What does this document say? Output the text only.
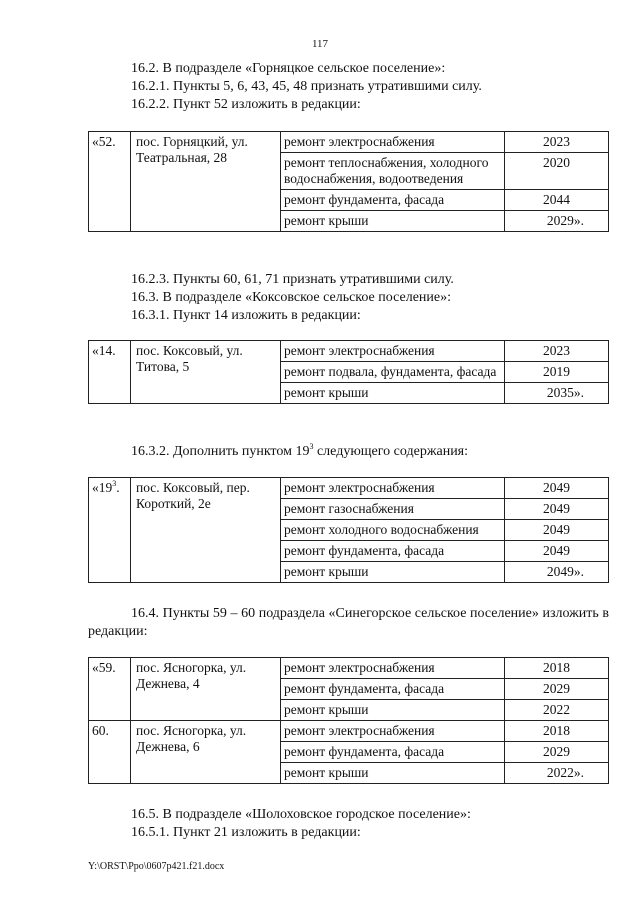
117
16.2. В подразделе «Горняцкое сельское поселение»:
16.2.1. Пункты 5, 6, 43, 45, 48 признать утратившими силу.
16.2.2. Пункт 52 изложить в редакции:
«52.	пос. Горняцкий, ул. Театральная, 28	ремонт электроснабжения	2023
		ремонт теплоснабжения, холодного водоснабжения, водоотведения	2020
		ремонт фундамента, фасада	2044
		ремонт крыши	2029».
16.2.3. Пункты 60, 61, 71 признать утратившими силу.
16.3. В подразделе «Коксовское сельское поселение»:
16.3.1. Пункт 14 изложить в редакции:
«14.	пос. Коксовый, ул. Титова, 5	ремонт электроснабжения	2023
		ремонт подвала, фундамента, фасада	2019
		ремонт крыши	2035».
16.3.2. Дополнить пунктом $19^3$ следующего содержания:
«$19^3$.	пос. Коксовый, пер. Короткий, 2е	ремонт электроснабжения	2049
		ремонт газоснабжения	2049
		ремонт холодного водоснабжения	2049
		ремонт фундамента, фасада	2049
		ремонт крыши	2049».
16.4. Пункты 59 – 60 подраздела «Синегорское сельское поселение» изложить в редакции:
«59.	пос. Ясногорка, ул. Дежнева, 4	ремонт электроснабжения	2018
		ремонт фундамента, фасада	2029
		ремонт крыши	2022
60.	пос. Ясногорка, ул. Дежнева, 6	ремонт электроснабжения	2018
		ремонт фундамента, фасада	2029
		ремонт крыши	2022».
16.5. В подразделе «Шолоховское городское поселение»:
16.5.1. Пункт 21 изложить в редакции:
Y:\ORST\Ppo\0607p421.f21.docx
